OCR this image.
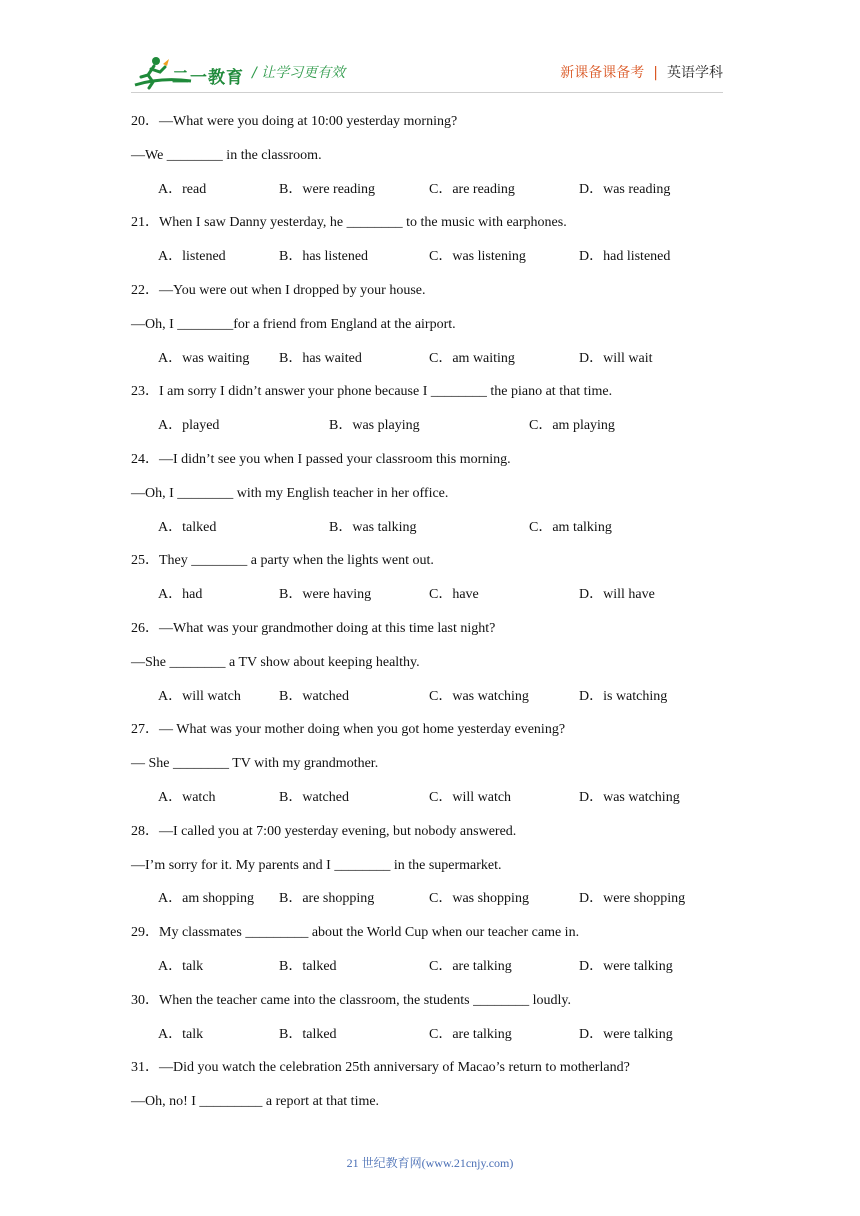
二一教育 / 让学习更有效	新课备课备考 | 英语学科
20．—What were you doing at 10:00 yesterday morning?
—We ________ in the classroom.
A．read	B．were reading	C．are reading	D．was reading
21．When I saw Danny yesterday, he ________ to the music with earphones.
A．listened	B．has listened	C．was listening	D．had listened
22．—You were out when I dropped by your house.
—Oh, I ________for a friend from England at the airport.
A．was waiting B．has waited	C．am waiting	D．will wait
23．I am sorry I didn’t answer your phone because I ________ the piano at that time.
A．played	B．was playing	C．am playing
24．—I didn’t see you when I passed your classroom this morning.
—Oh, I ________ with my English teacher in her office.
A．talked	B．was talking	C．am talking
25．They ________ a party when the lights went out.
A．had	B．were having	C．have	D．will have
26．—What was your grandmother doing at this time last night?
—She ________ a TV show about keeping healthy.
A．will watch	B．watched	C．was watching	D．is watching
27．— What was your mother doing when you got home yesterday evening?
— She ________ TV with my grandmother.
A．watch	B．watched	C．will watch	D．was watching
28．—I called you at 7:00 yesterday evening, but nobody answered.
—I’m sorry for it. My parents and I ________ in the supermarket.
A．am shopping B．are shopping	C．was shopping	D．were shopping
29．My classmates _________ about the World Cup when our teacher came in.
A．talk	B．talked	C．are talking	D．were talking
30．When the teacher came into the classroom, the students ________ loudly.
A．talk	B．talked	C．are talking	D．were talking
31．—Did you watch the celebration 25th anniversary of Macao’s return to motherland?
—Oh, no! I _________ a report at that time.
21 世纪教育网(www.21cnjy.com)
